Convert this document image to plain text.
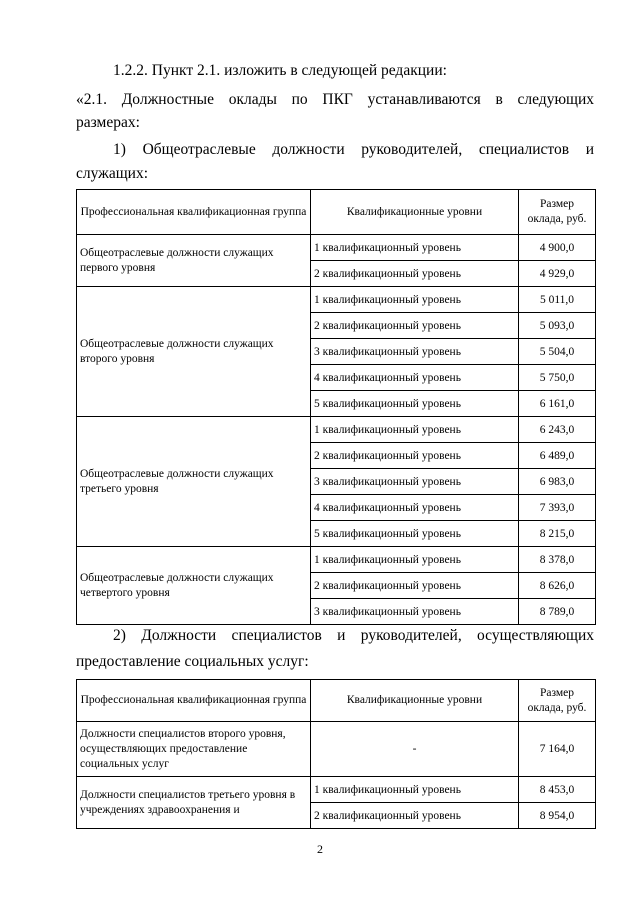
1.2.2. Пункт 2.1. изложить в следующей редакции:
«2.1. Должностные оклады по ПКГ устанавливаются в следующих
размерах:
1) Общеотраслевые должности руководителей, специалистов и
служащих:
Профессиональная квалификационная группа	Квалификационные уровни	Размер оклада, руб.
Общеотраслевые должности служащих первого уровня	1 квалификационный уровень	4 900,0
	2 квалификационный уровень	4 929,0
Общеотраслевые должности служащих второго уровня	1 квалификационный уровень	5 011,0
	2 квалификационный уровень	5 093,0
	3 квалификационный уровень	5 504,0
	4 квалификационный уровень	5 750,0
	5 квалификационный уровень	6 161,0
Общеотраслевые должности служащих третьего уровня	1 квалификационный уровень	6 243,0
	2 квалификационный уровень	6 489,0
	3 квалификационный уровень	6 983,0
	4 квалификационный уровень	7 393,0
	5 квалификационный уровень	8 215,0
Общеотраслевые должности служащих четвертого уровня	1 квалификационный уровень	8 378,0
	2 квалификационный уровень	8 626,0
	3 квалификационный уровень	8 789,0
2) Должности специалистов и руководителей, осуществляющих
предоставление социальных услуг:
Профессиональная квалификационная группа	Квалификационные уровни	Размер оклада, руб.
Должности специалистов второго уровня, осуществляющих предоставление социальных услуг	-	7 164,0
Должности специалистов третьего уровня в учреждениях здравоохранения и	1 квалификационный уровень	8 453,0
	2 квалификационный уровень	8 954,0
2
